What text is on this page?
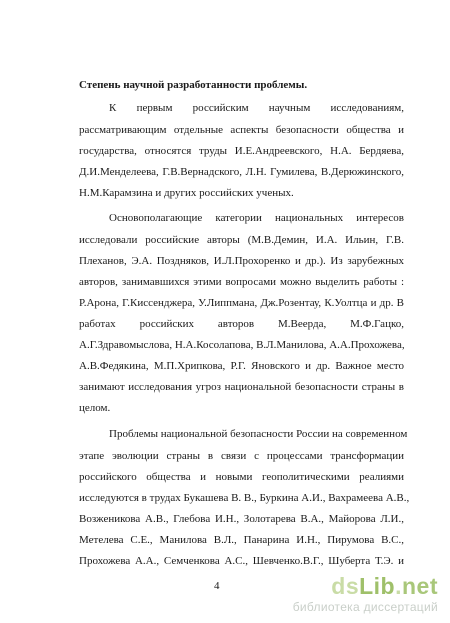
Степень научной разработанности проблемы.
К первым российским научным исследованиям,
рассматривающим отдельные аспекты безопасности общества и
государства, относятся труды И.Е.Андреевского, Н.А. Бердяева,
Д.И.Менделеева, Г.В.Вернадского, Л.Н. Гумилева, В.Дерюжинского,
Н.М.Карамзина и других российских ученых.
Основополагающие категории национальных интересов
исследовали российские авторы (М.В.Демин, И.А. Ильин, Г.В.
Плеханов, Э.А. Поздняков, И.Л.Прохоренко и др.). Из зарубежных
авторов, занимавшихся этими вопросами можно выделить работы :
Р.Арона, Г.Киссенджера, У.Липпмана, Дж.Розентау, К.Уолтца и др. В
работах российских авторов М.Веерда, М.Ф.Гацко,
А.Г.Здравомыслова, Н.А.Косолапова, В.Л.Манилова, А.А.Прохожева,
А.В.Федякина, М.П.Хрипкова, Р.Г. Яновского и др. Важное место
занимают исследования угроз национальной безопасности страны в
целом.
Проблемы национальной безопасности России на современном
этапе эволюции страны в связи с процессами трансформации
российского общества и новыми геополитическими реалиями
исследуются в трудах Букашева В. В., Буркина А.И., Вахрамеева А.В.,
Возженикова А.В., Глебова И.Н., Золотарева В.А., Майорова Л.И.,
Метелева С.Е., Манилова В.Л., Панарина И.Н., Пирумова В.С.,
Прохожева А.А., Семченкова А.С., Шевченко.В.Г., Шуберта Т.Э. и
4	dsLib.net
библиотека диссертаций
